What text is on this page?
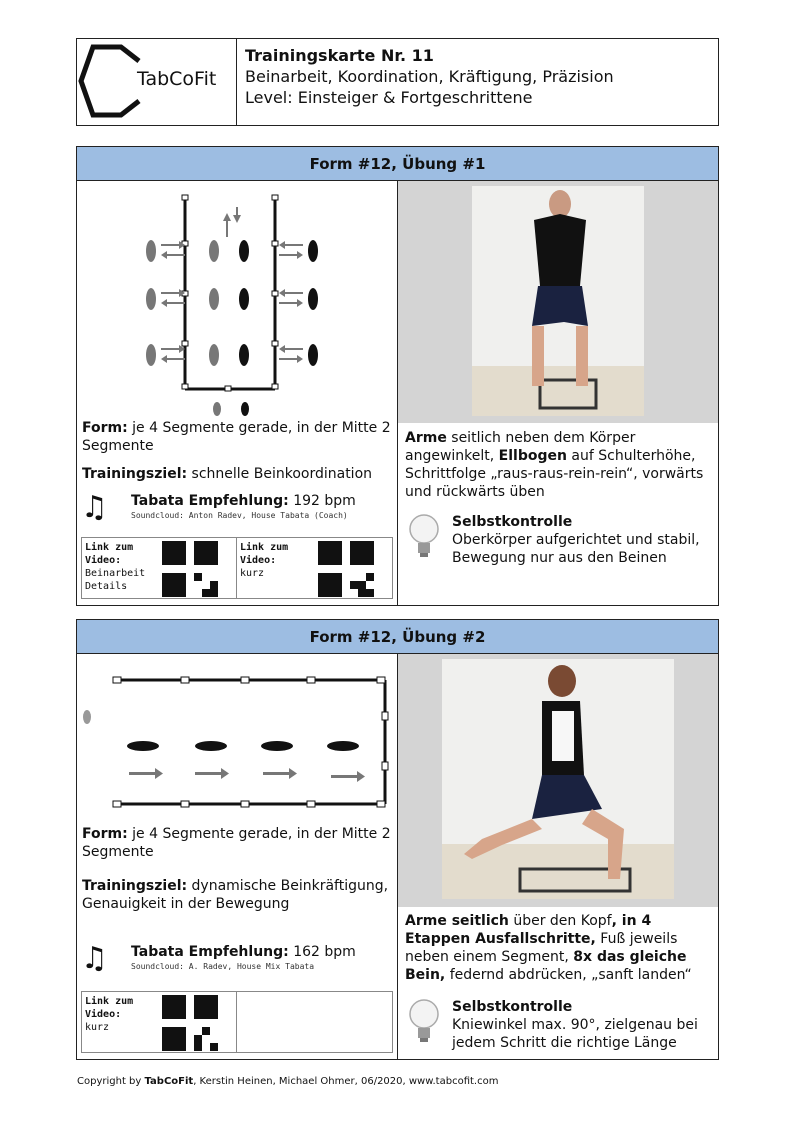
TabCoFit
Trainingskarte Nr. 11
Beinarbeit, Koordination, Kräftigung, Präzision
Level: Einsteiger & Fortgeschrittene
Form #12, Übung #1
Form: je 4 Segmente gerade, in der Mitte 2 Segmente
Trainingsziel: schnelle Beinkoordination
♫	Tabata Empfehlung: 192 bpm
Soundcloud: Anton Radev, House Tabata (Coach)
Link zum Video:
Beinarbeit Details
Link zum Video:
kurz
Arme seitlich neben dem Körper angewinkelt, Ellbogen auf Schulterhöhe, Schrittfolge „raus-raus-rein-rein“, vorwärts und rückwärts üben
Selbstkontrolle
Oberkörper aufgerichtet und stabil, Bewegung nur aus den Beinen
Form #12, Übung #2
Form: je 4 Segmente gerade, in der Mitte 2 Segmente
Trainingsziel: dynamische Beinkräftigung, Genauigkeit in der Bewegung
♫	Tabata Empfehlung: 162 bpm
Soundcloud: A. Radev, House Mix Tabata
Link zum Video:
kurz
Arme seitlich über den Kopf, in 4 Etappen Ausfallschritte, Fuß jeweils neben einem Segment, 8x das gleiche Bein, federnd abdrücken, „sanft landen“
Selbstkontrolle
Kniewinkel max. 90°, zielgenau bei jedem Schritt die richtige Länge
Copyright by TabCoFit, Kerstin Heinen, Michael Ohmer, 06/2020, www.tabcofit.com
